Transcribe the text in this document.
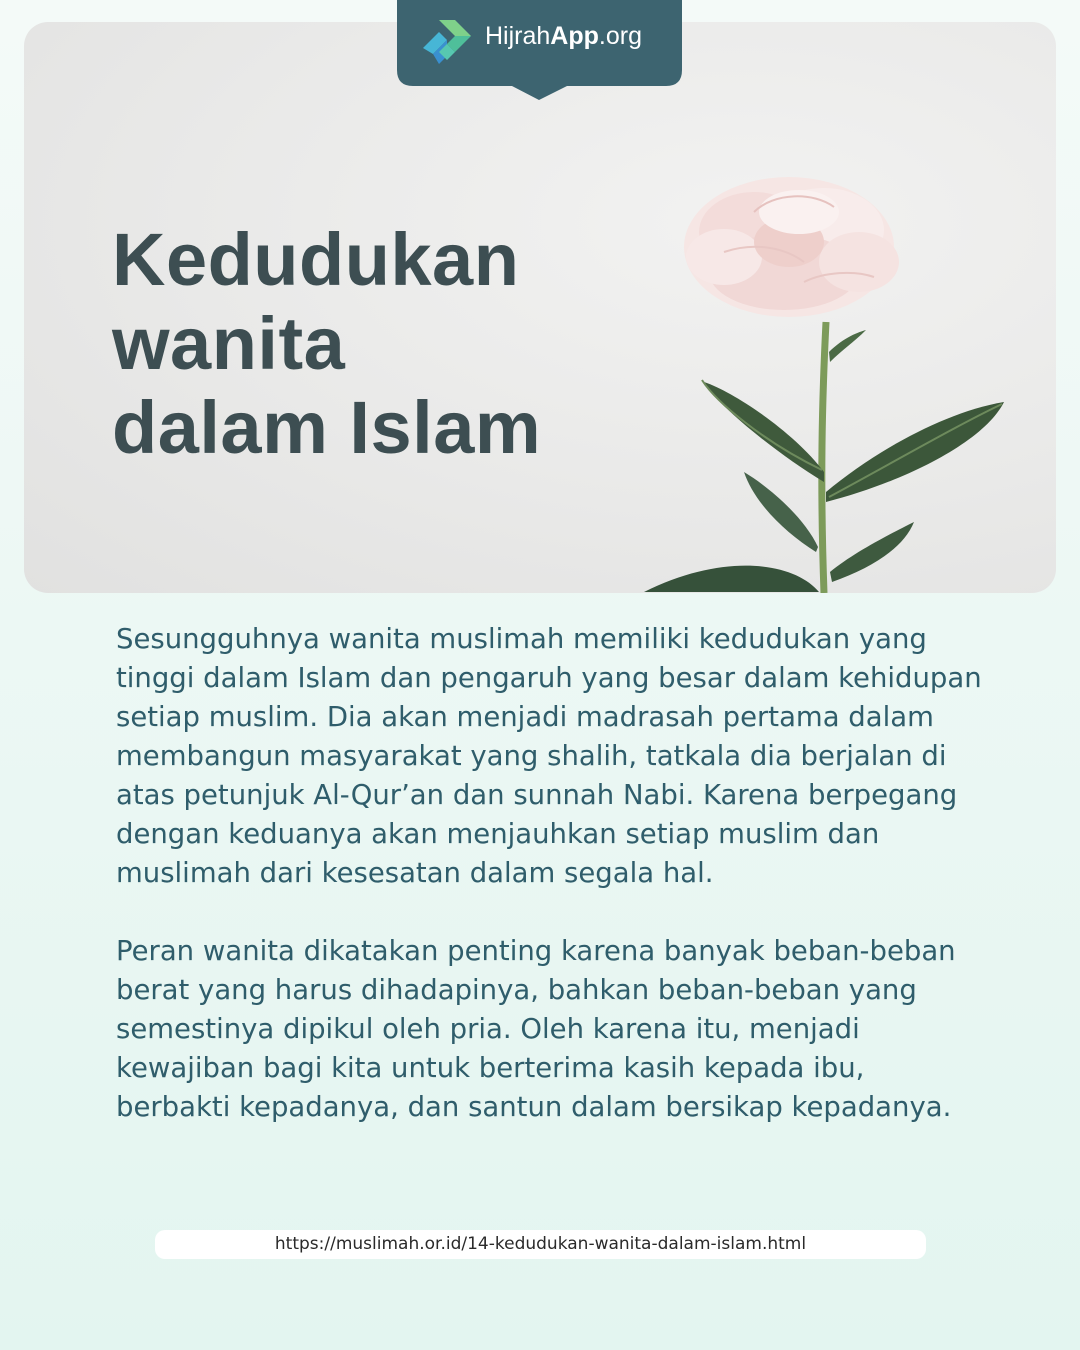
Kedudukan
wanita
dalam Islam
HijrahApp.org

Sesungguhnya wanita muslimah memiliki kedudukan yang tinggi dalam Islam dan pengaruh yang besar dalam kehidupan setiap muslim. Dia akan menjadi madrasah pertama dalam membangun masyarakat yang shalih, tatkala dia berjalan di atas petunjuk Al-Qur’an dan sunnah Nabi. Karena berpegang dengan keduanya akan menjauhkan setiap muslim dan muslimah dari kesesatan dalam segala hal.

Peran wanita dikatakan penting karena banyak beban-beban berat yang harus dihadapinya, bahkan beban-beban yang semestinya dipikul oleh pria. Oleh karena itu, menjadi kewajiban bagi kita untuk berterima kasih kepada ibu, berbakti kepadanya, dan santun dalam bersikap kepadanya.

https://muslimah.or.id/14-kedudukan-wanita-dalam-islam.html
